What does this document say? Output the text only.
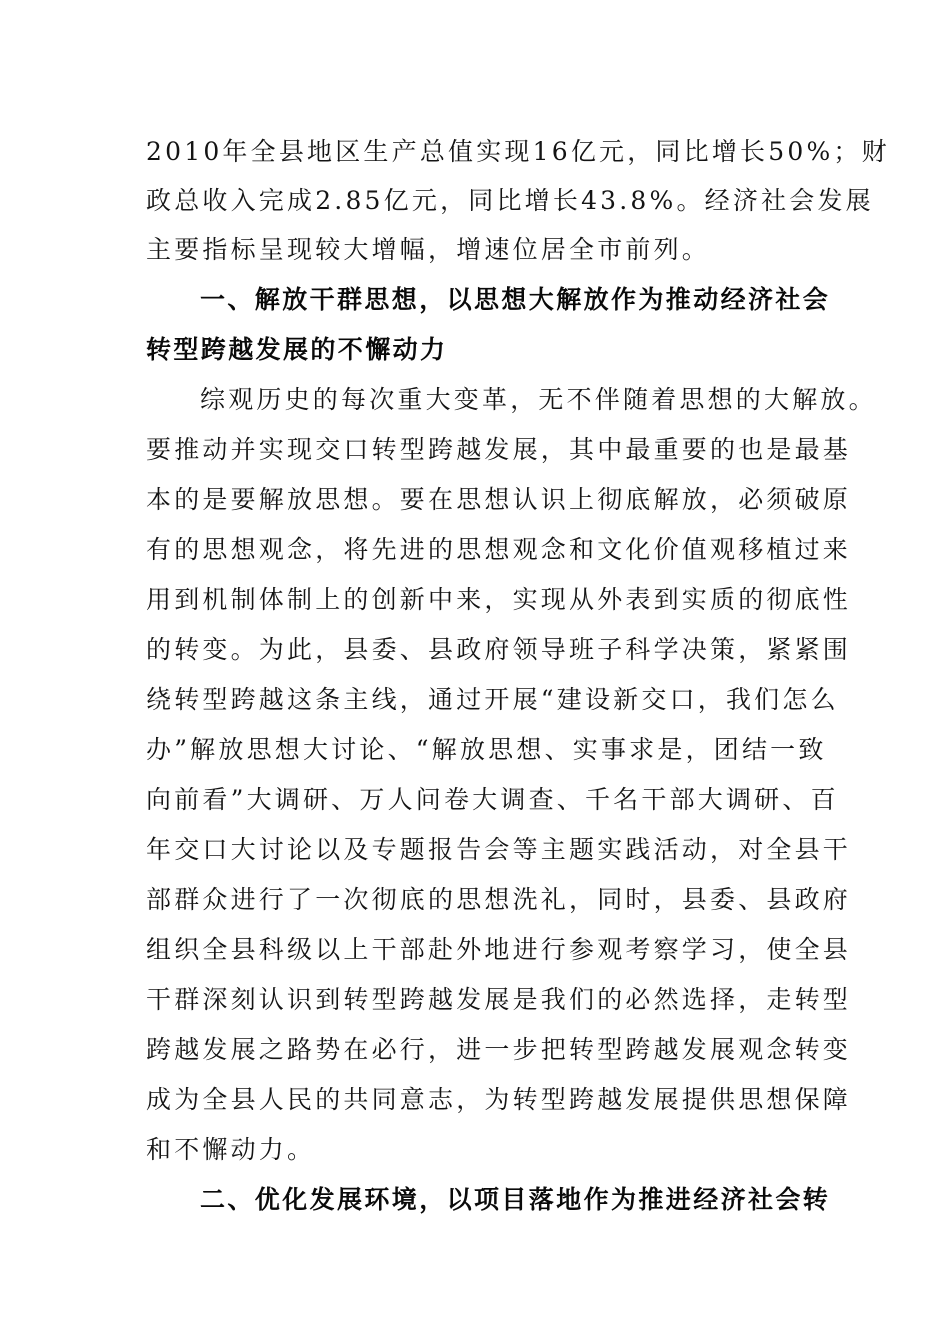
2010年全县地区生产总值实现16亿元，同比增长50%；财
政总收入完成2.85亿元，同比增长43.8%。经济社会发展
主要指标呈现较大增幅，增速位居全市前列。
一、解放干群思想，以思想大解放作为推动经济社会
转型跨越发展的不懈动力
综观历史的每次重大变革，无不伴随着思想的大解放。
要推动并实现交口转型跨越发展，其中最重要的也是最基
本的是要解放思想。要在思想认识上彻底解放，必须破原
有的思想观念，将先进的思想观念和文化价值观移植过来
用到机制体制上的创新中来，实现从外表到实质的彻底性
的转变。为此，县委、县政府领导班子科学决策，紧紧围
绕转型跨越这条主线，通过开展“建设新交口，我们怎么
办”解放思想大讨论、“解放思想、实事求是，团结一致
向前看”大调研、万人问卷大调查、千名干部大调研、百
年交口大讨论以及专题报告会等主题实践活动，对全县干
部群众进行了一次彻底的思想洗礼，同时，县委、县政府
组织全县科级以上干部赴外地进行参观考察学习，使全县
干群深刻认识到转型跨越发展是我们的必然选择，走转型
跨越发展之路势在必行，进一步把转型跨越发展观念转变
成为全县人民的共同意志，为转型跨越发展提供思想保障
和不懈动力。
二、优化发展环境，以项目落地作为推进经济社会转
